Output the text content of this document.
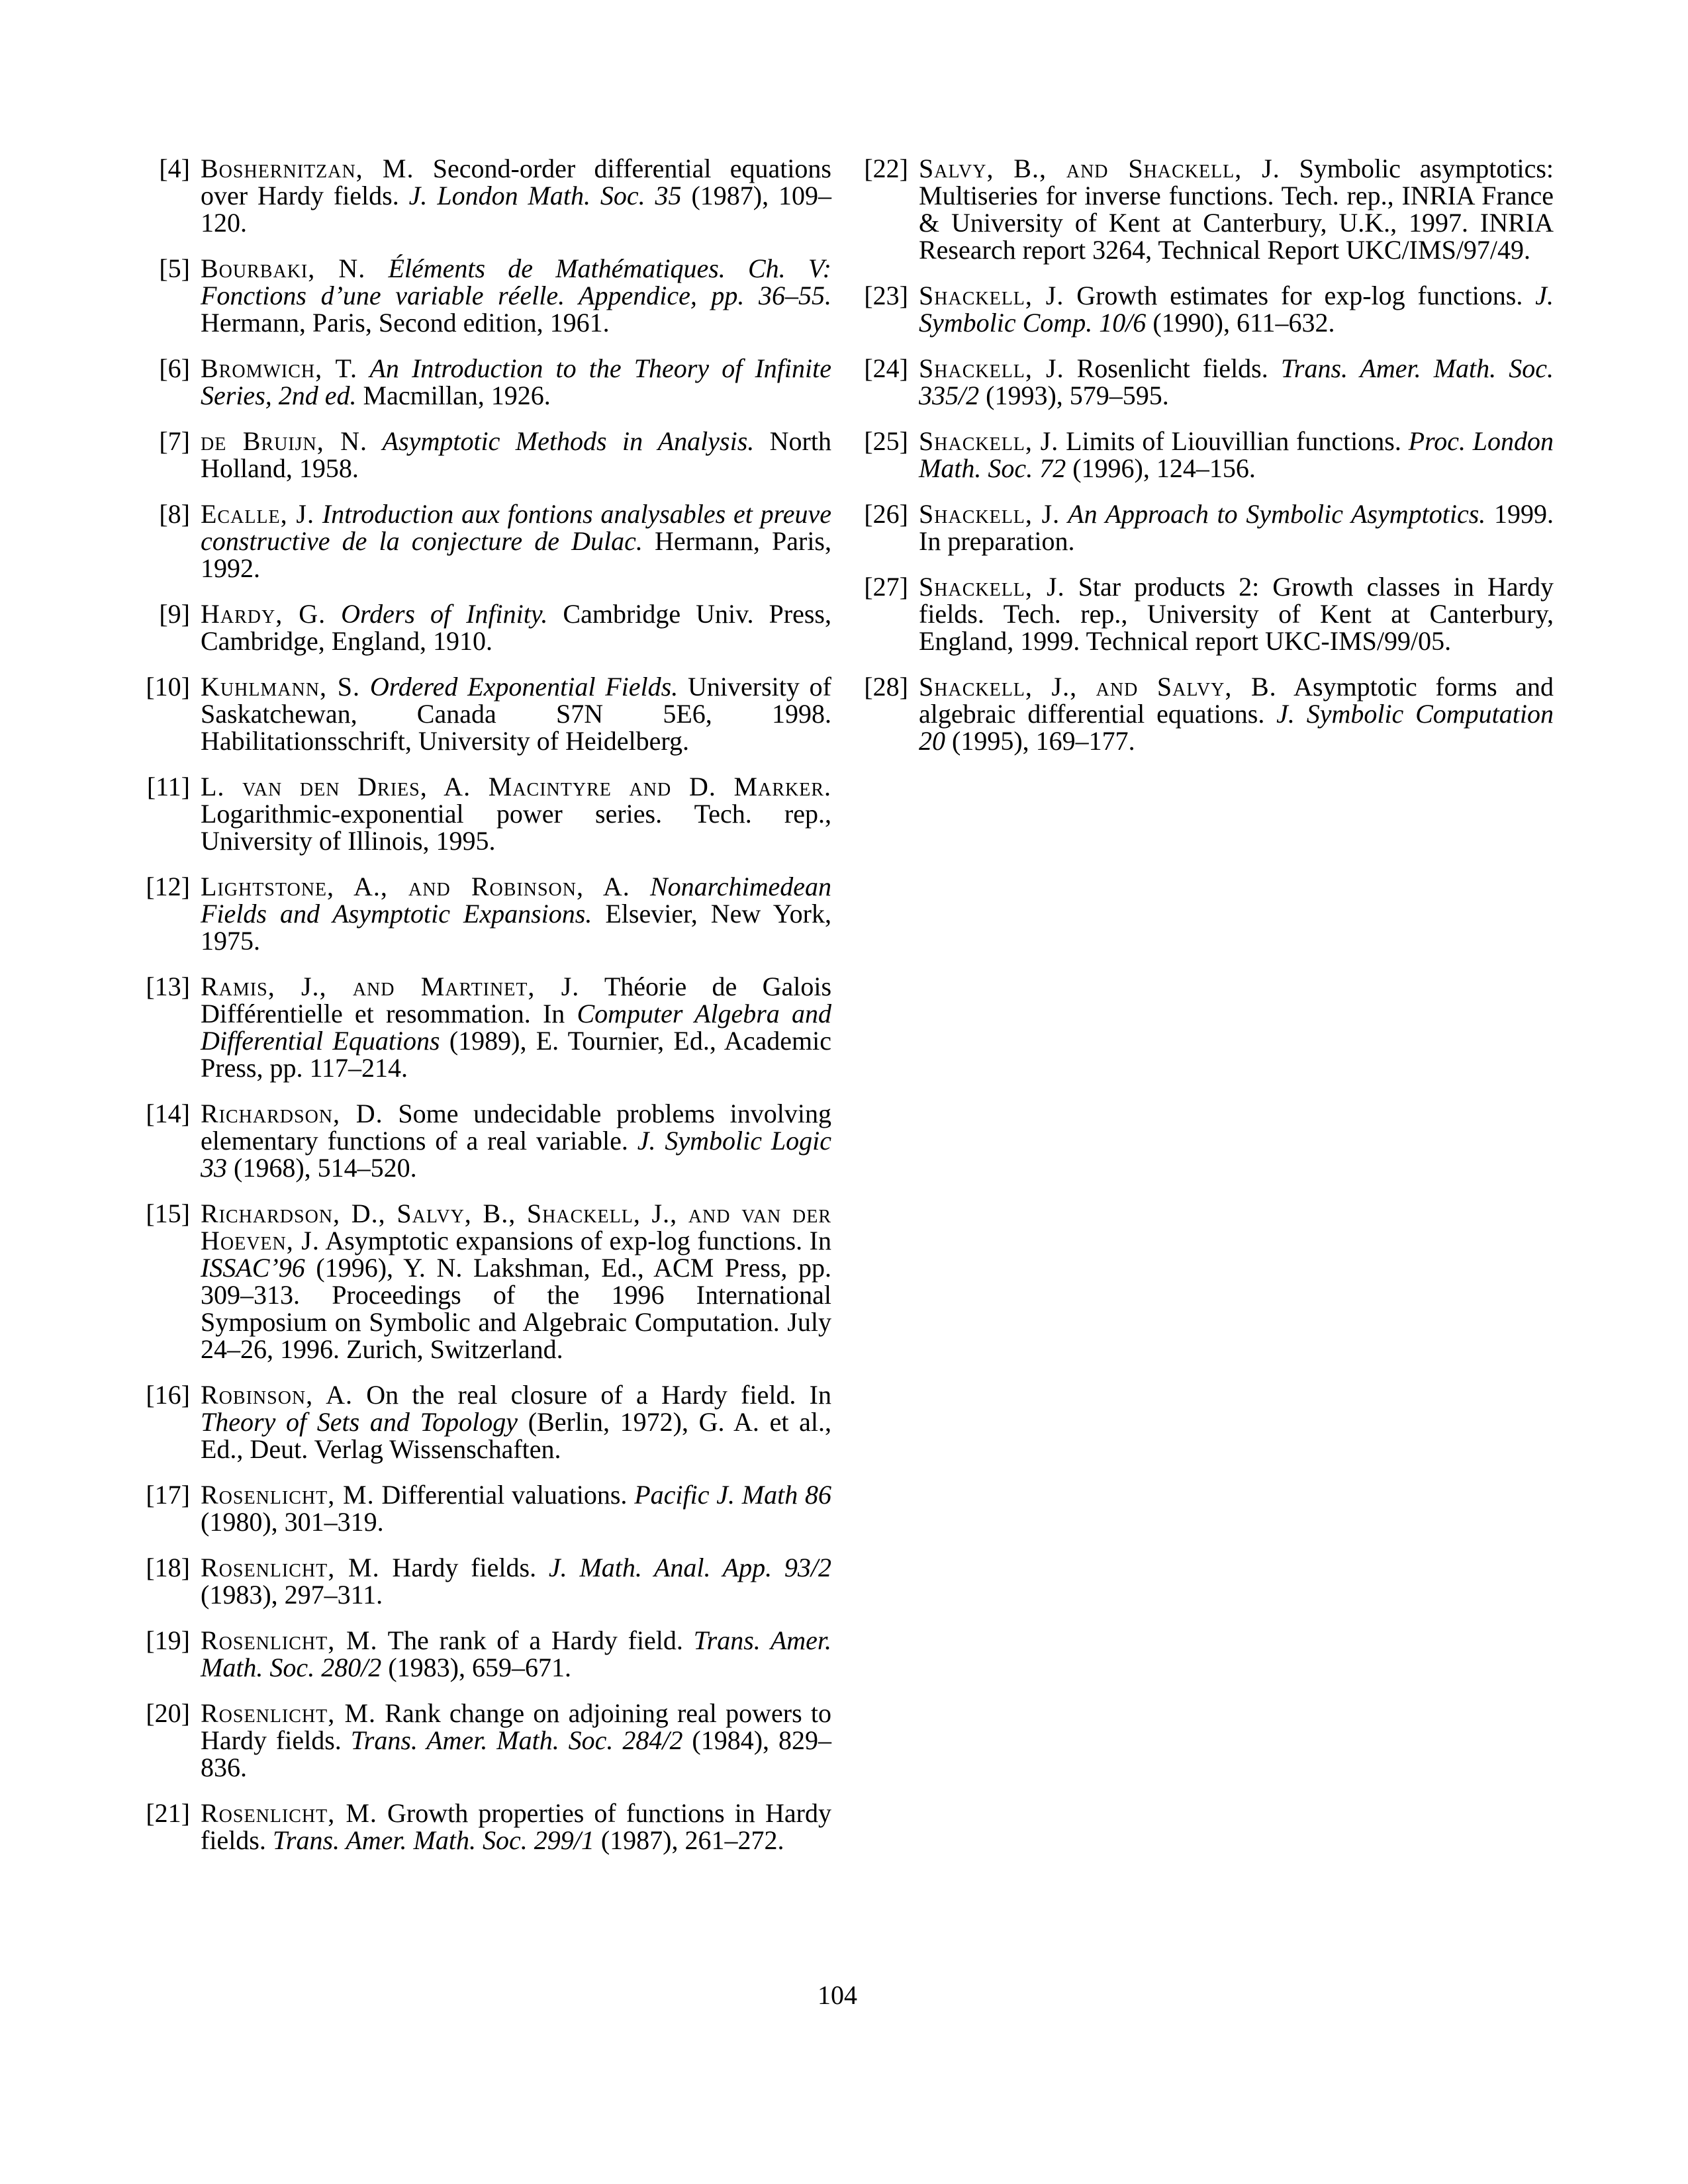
[4] Boshernitzan, M. Second-order differential equations over Hardy fields. J. London Math. Soc. 35 (1987), 109–120.
[5] Bourbaki, N. Éléments de Mathématiques. Ch. V: Fonctions d’une variable réelle. Appendice, pp. 36–55. Hermann, Paris, Second edition, 1961.
[6] Bromwich, T. An Introduction to the Theory of Infinite Series, 2nd ed. Macmillan, 1926.
[7] de Bruijn, N. Asymptotic Methods in Analysis. North Holland, 1958.
[8] Ecalle, J. Introduction aux fontions analysables et preuve constructive de la conjecture de Dulac. Hermann, Paris, 1992.
[9] Hardy, G. Orders of Infinity. Cambridge Univ. Press, Cambridge, England, 1910.
[10] Kuhlmann, S. Ordered Exponential Fields. University of Saskatchewan, Canada S7N 5E6, 1998. Habilitationsschrift, University of Heidelberg.
[11] L. van den Dries, A. Macintyre and D. Marker. Logarithmic-exponential power series. Tech. rep., University of Illinois, 1995.
[12] Lightstone, A., and Robinson, A. Nonarchimedean Fields and Asymptotic Expansions. Elsevier, New York, 1975.
[13] Ramis, J., and Martinet, J. Théorie de Galois Différentielle et resommation. In Computer Algebra and Differential Equations (1989), E. Tournier, Ed., Academic Press, pp. 117–214.
[14] Richardson, D. Some undecidable problems involving elementary functions of a real variable. J. Symbolic Logic 33 (1968), 514–520.
[15] Richardson, D., Salvy, B., Shackell, J., and van der Hoeven, J. Asymptotic expansions of exp-log functions. In ISSAC’96 (1996), Y. N. Lakshman, Ed., ACM Press, pp. 309–313. Proceedings of the 1996 International Symposium on Symbolic and Algebraic Computation. July 24–26, 1996. Zurich, Switzerland.
[16] Robinson, A. On the real closure of a Hardy field. In Theory of Sets and Topology (Berlin, 1972), G. A. et al., Ed., Deut. Verlag Wissenschaften.
[17] Rosenlicht, M. Differential valuations. Pacific J. Math 86 (1980), 301–319.
[18] Rosenlicht, M. Hardy fields. J. Math. Anal. App. 93/2 (1983), 297–311.
[19] Rosenlicht, M. The rank of a Hardy field. Trans. Amer. Math. Soc. 280/2 (1983), 659–671.
[20] Rosenlicht, M. Rank change on adjoining real powers to Hardy fields. Trans. Amer. Math. Soc. 284/2 (1984), 829–836.
[21] Rosenlicht, M. Growth properties of functions in Hardy fields. Trans. Amer. Math. Soc. 299/1 (1987), 261–272.
[22] Salvy, B., and Shackell, J. Symbolic asymptotics: Multiseries for inverse functions. Tech. rep., INRIA France & University of Kent at Canterbury, U.K., 1997. INRIA Research report 3264, Technical Report UKC/IMS/97/49.
[23] Shackell, J. Growth estimates for exp-log functions. J. Symbolic Comp. 10/6 (1990), 611–632.
[24] Shackell, J. Rosenlicht fields. Trans. Amer. Math. Soc. 335/2 (1993), 579–595.
[25] Shackell, J. Limits of Liouvillian functions. Proc. London Math. Soc. 72 (1996), 124–156.
[26] Shackell, J. An Approach to Symbolic Asymptotics. 1999. In preparation.
[27] Shackell, J. Star products 2: Growth classes in Hardy fields. Tech. rep., University of Kent at Canterbury, England, 1999. Technical report UKC-IMS/99/05.
[28] Shackell, J., and Salvy, B. Asymptotic forms and algebraic differential equations. J. Symbolic Computation 20 (1995), 169–177.
104
